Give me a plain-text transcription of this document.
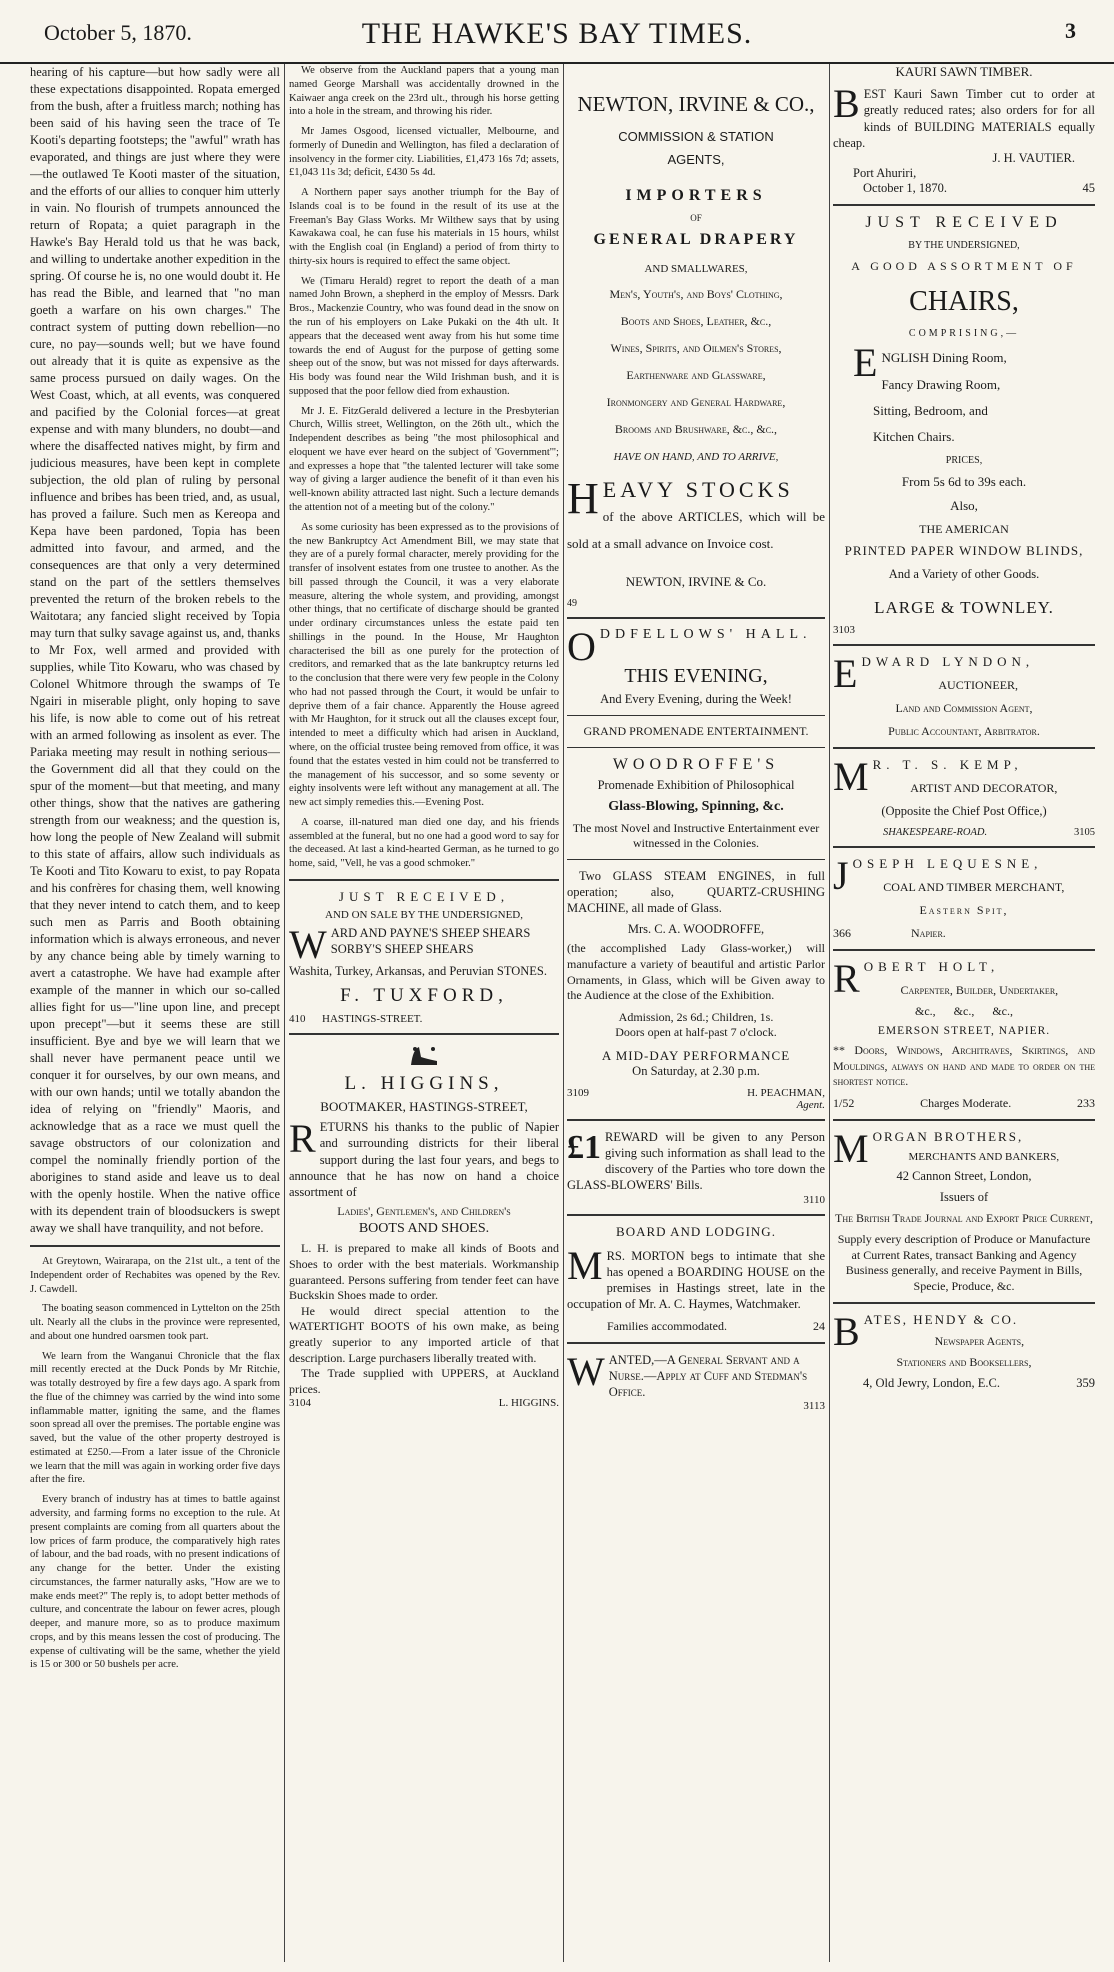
October 5, 1870.	THE HAWKE'S BAY TIMES.	3

hearing of his capture—but how sadly were all these expectations disappointed. Ropata emerged from the bush, after a fruitless march; nothing has been said of his having seen the trace of Te Kooti's departing footsteps; the "awful" wrath has evaporated, and things are just where they were—the outlawed Te Kooti master of the situation, and the efforts of our allies to conquer him utterly in vain. No flourish of trumpets announced the return of Ropata; a quiet paragraph in the Hawke's Bay Herald told us that he was back, and willing to undertake another expedition in the spring. Of course he is, no one would doubt it. He has read the Bible, and learned that "no man goeth a warfare on his own charges." The contract system of putting down rebellion—no cure, no pay—sounds well; but we have found out already that it is quite as expensive as the same process pursued on daily wages. On the West Coast, which, at all events, was conquered and pacified by the Colonial forces—at great expense and with many blunders, no doubt—and where the disaffected natives might, by firm and judicious measures, have been kept in complete subjection, the old plan of ruling by personal influence and bribes has been tried, and, as usual, has proved a failure. Such men as Kereopa and Kepa have been pardoned, Topia has been admitted into favour, and armed, and the consequences are that only a very determined stand on the part of the settlers themselves prevented the return of the broken rebels to the Waitotara; any fancied slight received by Topia may turn that sulky savage against us, and, thanks to Mr Fox, well armed and provided with supplies, while Tito Kowaru, who was chased by Colonel Whitmore through the swamps of Te Ngairi in miserable plight, only hoping to save his life, is now able to come out of his retreat with an armed following as insolent as ever. The Pariaka meeting may result in nothing serious—the Government did all that they could on the spur of the moment—but that meeting, and many other things, show that the natives are gathering strength from our weakness; and the question is, how long the people of New Zealand will submit to this state of affairs, allow such individuals as Te Kooti and Tito Kowaru to exist, to pay Ropata and his confrères for chasing them, well knowing that they never intend to catch them, and to keep such men as Parris and Booth obtaining information which is always erroneous, and never by any chance being able by timely warning to avert a catastrophe. We have had example after example of the manner in which our so-called allies fight for us—"line upon line, and precept upon precept"—but it seems these are still insufficient. Bye and bye we will learn that we shall never have permanent peace until we conquer it for ourselves, by our own means, and with our own hands; until we totally abandon the idea of relying on "friendly" Maoris, and acknowledge that as a race we must quell the savage obstructors of our colonization and compel the nominally friendly portion of the aborigines to stand aside and leave us to deal with the openly hostile. When the native office with its dependent train of bloodsuckers is swept away we shall have tranquility, and not before.

At Greytown, Wairarapa, on the 21st ult., a tent of the Independent order of Rechabites was opened by the Rev. J. Cawdell.

The boating season commenced in Lyttelton on the 25th ult. Nearly all the clubs in the province were represented, and about one hundred oarsmen took part.

We learn from the Wanganui Chronicle that the flax mill recently erected at the Duck Ponds by Mr Ritchie, was totally destroyed by fire a few days ago. A spark from the flue of the chimney was carried by the wind into some inflammable matter, igniting the same, and the flames soon spread all over the premises. The portable engine was saved, but the value of the other property destroyed is estimated at £250.—From a later issue of the Chronicle we learn that the mill was again in working order five days after the fire.

Every branch of industry has at times to battle against adversity, and farming forms no exception to the rule. At present complaints are coming from all quarters about the low prices of farm produce, the comparatively high rates of labour, and the bad roads, with no present indications of any change for the better. Under the existing circumstances, the farmer naturally asks, "How are we to make ends meet?" The reply is, to adopt better methods of culture, and concentrate the labour on fewer acres, plough deeper, and manure more, so as to produce maximum crops, and by this means lessen the cost of producing. The expense of cultivating will be the same, whether the yield is 15 or 300 or 50 bushels per acre.

We observe from the Auckland papers that a young man named George Marshall was accidentally drowned in the Kaiwaer anga creek on the 23rd ult., through his horse getting into a hole in the stream, and throwing his rider.

Mr James Osgood, licensed victualler, Melbourne, and formerly of Dunedin and Wellington, has filed a declaration of insolvency in the former city. Liabilities, £1,473 16s 7d; assets, £1,043 11s 3d; deficit, £430 5s 4d.

A Northern paper says another triumph for the Bay of Islands coal is to be found in the result of its use at the Freeman's Bay Glass Works. Mr Wilthew says that by using Kawakawa coal, he can fuse his materials in 15 hours, whilst with the English coal (in England) a period of from thirty to thirty-six hours is required to effect the same object.

We (Timaru Herald) regret to report the death of a man named John Brown, a shepherd in the employ of Messrs. Dark Bros., Mackenzie Country, who was found dead in the snow on the run of his employers on Lake Pukaki on the 4th ult. It appears that the deceased went away from his hut some time towards the end of August for the purpose of getting some sheep out of the snow, but was not missed for days afterwards. His body was found near the Wild Irishman bush, and it is supposed that the poor fellow died from exhaustion.

Mr J. E. FitzGerald delivered a lecture in the Presbyterian Church, Willis street, Wellington, on the 26th ult., which the Independent describes as being "the most philosophical and eloquent we have ever heard on the subject of 'Government'"; and expresses a hope that "the talented lecturer will take some way of giving a larger audience the benefit of it than even his well-known ability attracted last night. Such a lecture demands the attention not of a meeting but of the colony."

As some curiosity has been expressed as to the provisions of the new Bankruptcy Act Amendment Bill, we may state that they are of a purely formal character, merely providing for the transfer of insolvent estates from one trustee to another. As the bill passed through the Council, it was a very elaborate measure, altering the whole system, and providing, amongst other things, that no certificate of discharge should be granted under ordinary circumstances unless the estate paid ten shillings in the pound. In the House, Mr Haughton characterised the bill as one purely for the protection of creditors, and remarked that as the late bankruptcy returns led to the conclusion that there were very few people in the Colony who had not passed through the Court, it would be unfair to deprive them of a fair chance. Apparently the House agreed with Mr Haughton, for it struck out all the clauses except four, intended to meet a difficulty which had arisen in Auckland, where, on the official trustee being removed from office, it was found that the estates vested in him could not be transferred to the management of his successor, and so some seventy or eighty insolvents were left without any management at all. The new act simply remedies this.—Evening Post.

A coarse, ill-natured man died one day, and his friends assembled at the funeral, but no one had a good word to say for the deceased. At last a kind-hearted German, as he turned to go home, said, "Vell, he vas a good schmoker."

JUST RECEIVED,
AND ON SALE BY THE UNDERSIGNED,
W ARD AND PAYNE'S SHEEP SHEARS
SORBY'S SHEEP SHEARS
Washita, Turkey, Arkansas, and Peruvian STONES.
F. TUXFORD,
410 HASTINGS-STREET.
L. HIGGINS,
BOOTMAKER, HASTINGS-STREET,
R ETURNS his thanks to the public of Napier and surrounding districts for their liberal support during the last four years, and begs to announce that he has now on hand a choice assortment of
Ladies', Gentlemen's, and Children's
BOOTS AND SHOES.
L. H. is prepared to make all kinds of Boots and Shoes to order with the best materials. Workmanship guaranteed. Persons suffering from tender feet can have Buckskin Shoes made to order.
He would direct special attention to the WATERTIGHT BOOTS of his own make, as being greatly superior to any imported article of that description. Large purchasers liberally treated with.
The Trade supplied with UPPERS, at Auckland prices.
3104	L. HIGGINS.
NEWTON, IRVINE & CO.,
COMMISSION & STATION
AGENTS,
IMPORTERS
OF
GENERAL DRAPERY
AND SMALLWARES,
Men's, Youth's, and Boys' Clothing,
Boots and Shoes, Leather, &c.,
Wines, Spirits, and Oilmen's Stores,
Earthenware and Glassware,
Ironmongery and General Hardware,
Brooms and Brushware, &c., &c.,
HAVE ON HAND, AND TO ARRIVE,
H EAVY STOCKS
of the above ARTICLES, which will be sold at a small advance on Invoice cost.
NEWTON, IRVINE & Co.
49
O DDFELLOWS' HALL.
THIS EVENING,
And Every Evening, during the Week!
GRAND PROMENADE ENTERTAINMENT.
WOODROFFE'S
Promenade Exhibition of Philosophical
Glass-Blowing, Spinning, &c.
The most Novel and Instructive Entertainment ever witnessed in the Colonies.
Two GLASS STEAM ENGINES, in full operation; also, QUARTZ-CRUSHING MACHINE, all made of Glass.
Mrs. C. A. WOODROFFE,
(the accomplished Lady Glass-worker,) will manufacture a variety of beautiful and artistic Parlor Ornaments, in Glass, which will be Given away to the Audience at the close of the Exhibition.
Admission, 2s 6d.; Children, 1s.
Doors open at half-past 7 o'clock.
A MID-DAY PERFORMANCE
On Saturday, at 2.30 p.m.
3109	H. PEACHMAN,
Agent.
£1 REWARD will be given to any Person giving such information as shall lead to the discovery of the Parties who tore down the GLASS-BLOWERS' Bills.
3110
BOARD AND LODGING.
M RS. MORTON begs to intimate that she has opened a BOARDING HOUSE on the premises in Hastings street, late in the occupation of Mr. A. C. Haymes, Watchmaker.
Families accommodated.	24
W ANTED,—A General Servant and a Nurse.—Apply at Cuff and Stedman's Office.
3113
KAURI SAWN TIMBER.
B EST Kauri Sawn Timber cut to order at greatly reduced rates; also orders for for all kinds of BUILDING MATERIALS equally cheap.
J. H. VAUTIER.
Port Ahuriri,
October 1, 1870.	45
JUST RECEIVED
BY THE UNDERSIGNED,
A GOOD ASSORTMENT OF
CHAIRS,
COMPRISING,—
E NGLISH Dining Room,
Fancy Drawing Room,
Sitting, Bedroom, and
Kitchen Chairs.
PRICES,
From 5s 6d to 39s each.
Also,
THE AMERICAN
PRINTED PAPER WINDOW BLINDS,
And a Variety of other Goods.
LARGE & TOWNLEY.
3103
E DWARD LYNDON,
AUCTIONEER,
Land and Commission Agent,
Public Accountant, Arbitrator.
M R. T. S. KEMP,
ARTIST AND DECORATOR,
(Opposite the Chief Post Office,)
SHAKESPEARE-ROAD.	3105
J OSEPH LEQUESNE,
COAL AND TIMBER MERCHANT,
Eastern Spit,
366	Napier.
R OBERT HOLT,
Carpenter, Builder, Undertaker,
&c.,      &c.,      &c.,
EMERSON STREET, NAPIER.
** Doors, Windows, Architraves, Skirtings, and Mouldings, always on hand and made to order on the shortest notice.
1/52	Charges Moderate.	233
M ORGAN BROTHERS,
MERCHANTS AND BANKERS,
42 Cannon Street, London,
Issuers of
The British Trade Journal and Export Price Current,
Supply every description of Produce or Manufacture at Current Rates, transact Banking and Agency Business generally, and receive Payment in Bills, Specie, Produce, &c.
B ATES, HENDY & CO.
Newspaper Agents,
Stationers and Booksellers,
4, Old Jewry, London, E.C.	359
